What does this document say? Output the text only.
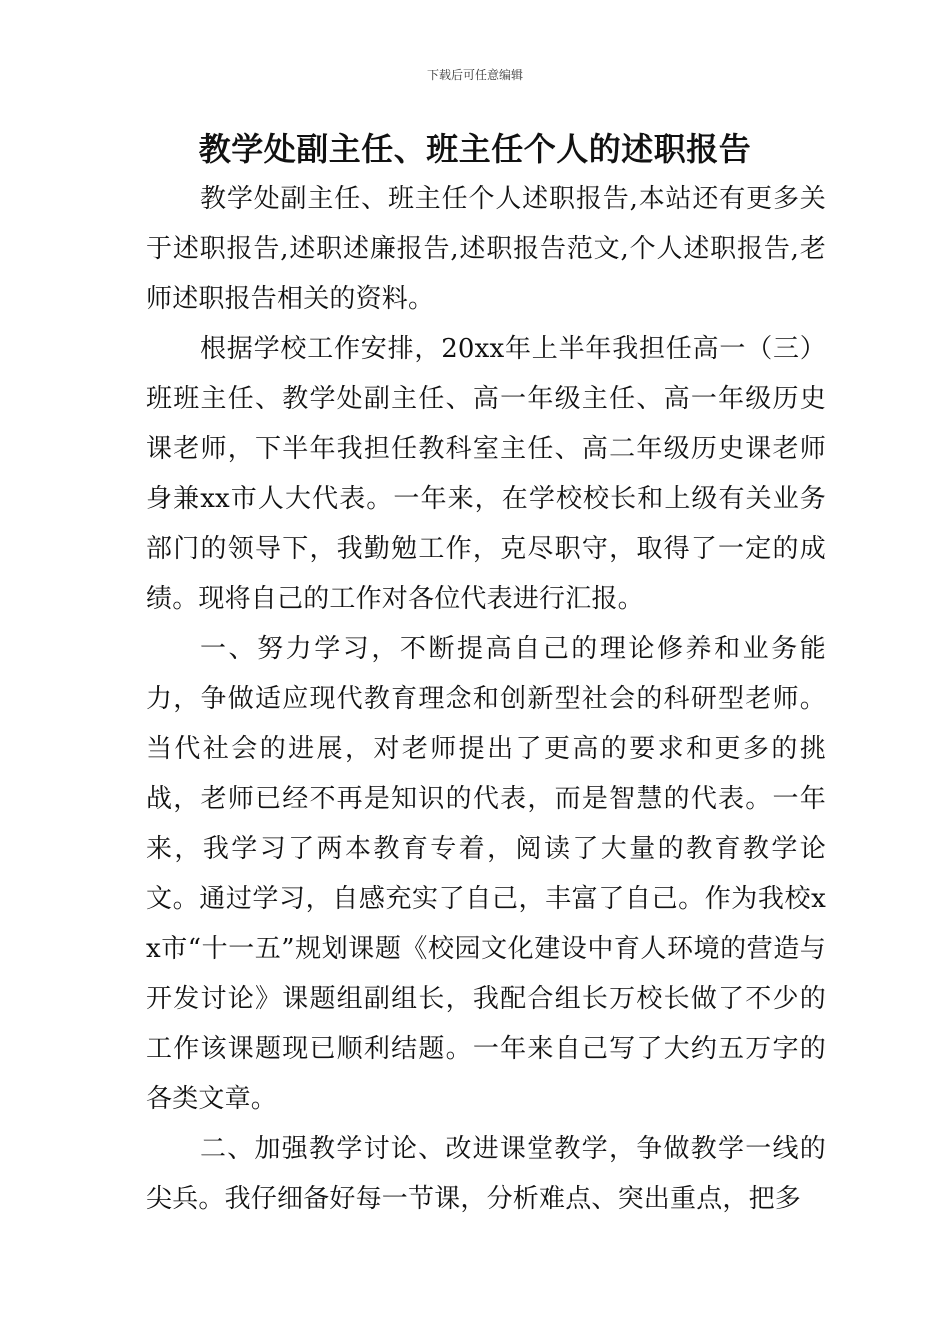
下载后可任意编辑
教学处副主任、班主任个人的述职报告

教学处副主任、班主任个人述职报告,本站还有更多关于述职报告,述职述廉报告,述职报告范文,个人述职报告,老师述职报告相关的资料。

根据学校工作安排，20xx年上半年我担任高一（三）班班主任、教学处副主任、高一年级主任、高一年级历史课老师，下半年我担任教科室主任、高二年级历史课老师身兼xx市人大代表。一年来，在学校校长和上级有关业务部门的领导下，我勤勉工作，克尽职守，取得了一定的成绩。现将自己的工作对各位代表进行汇报。

一、努力学习，不断提高自己的理论修养和业务能力，争做适应现代教育理念和创新型社会的科研型老师。当代社会的进展，对老师提出了更高的要求和更多的挑战，老师已经不再是知识的代表，而是智慧的代表。一年来，我学习了两本教育专着，阅读了大量的教育教学论文。通过学习，自感充实了自己，丰富了自己。作为我校xx市“十一五”规划课题《校园文化建设中育人环境的营造与开发讨论》课题组副组长，我配合组长万校长做了不少的工作该课题现已顺利结题。一年来自己写了大约五万字的各类文章。

二、加强教学讨论、改进课堂教学，争做教学一线的尖兵。我仔细备好每一节课，分析难点、突出重点，把多
